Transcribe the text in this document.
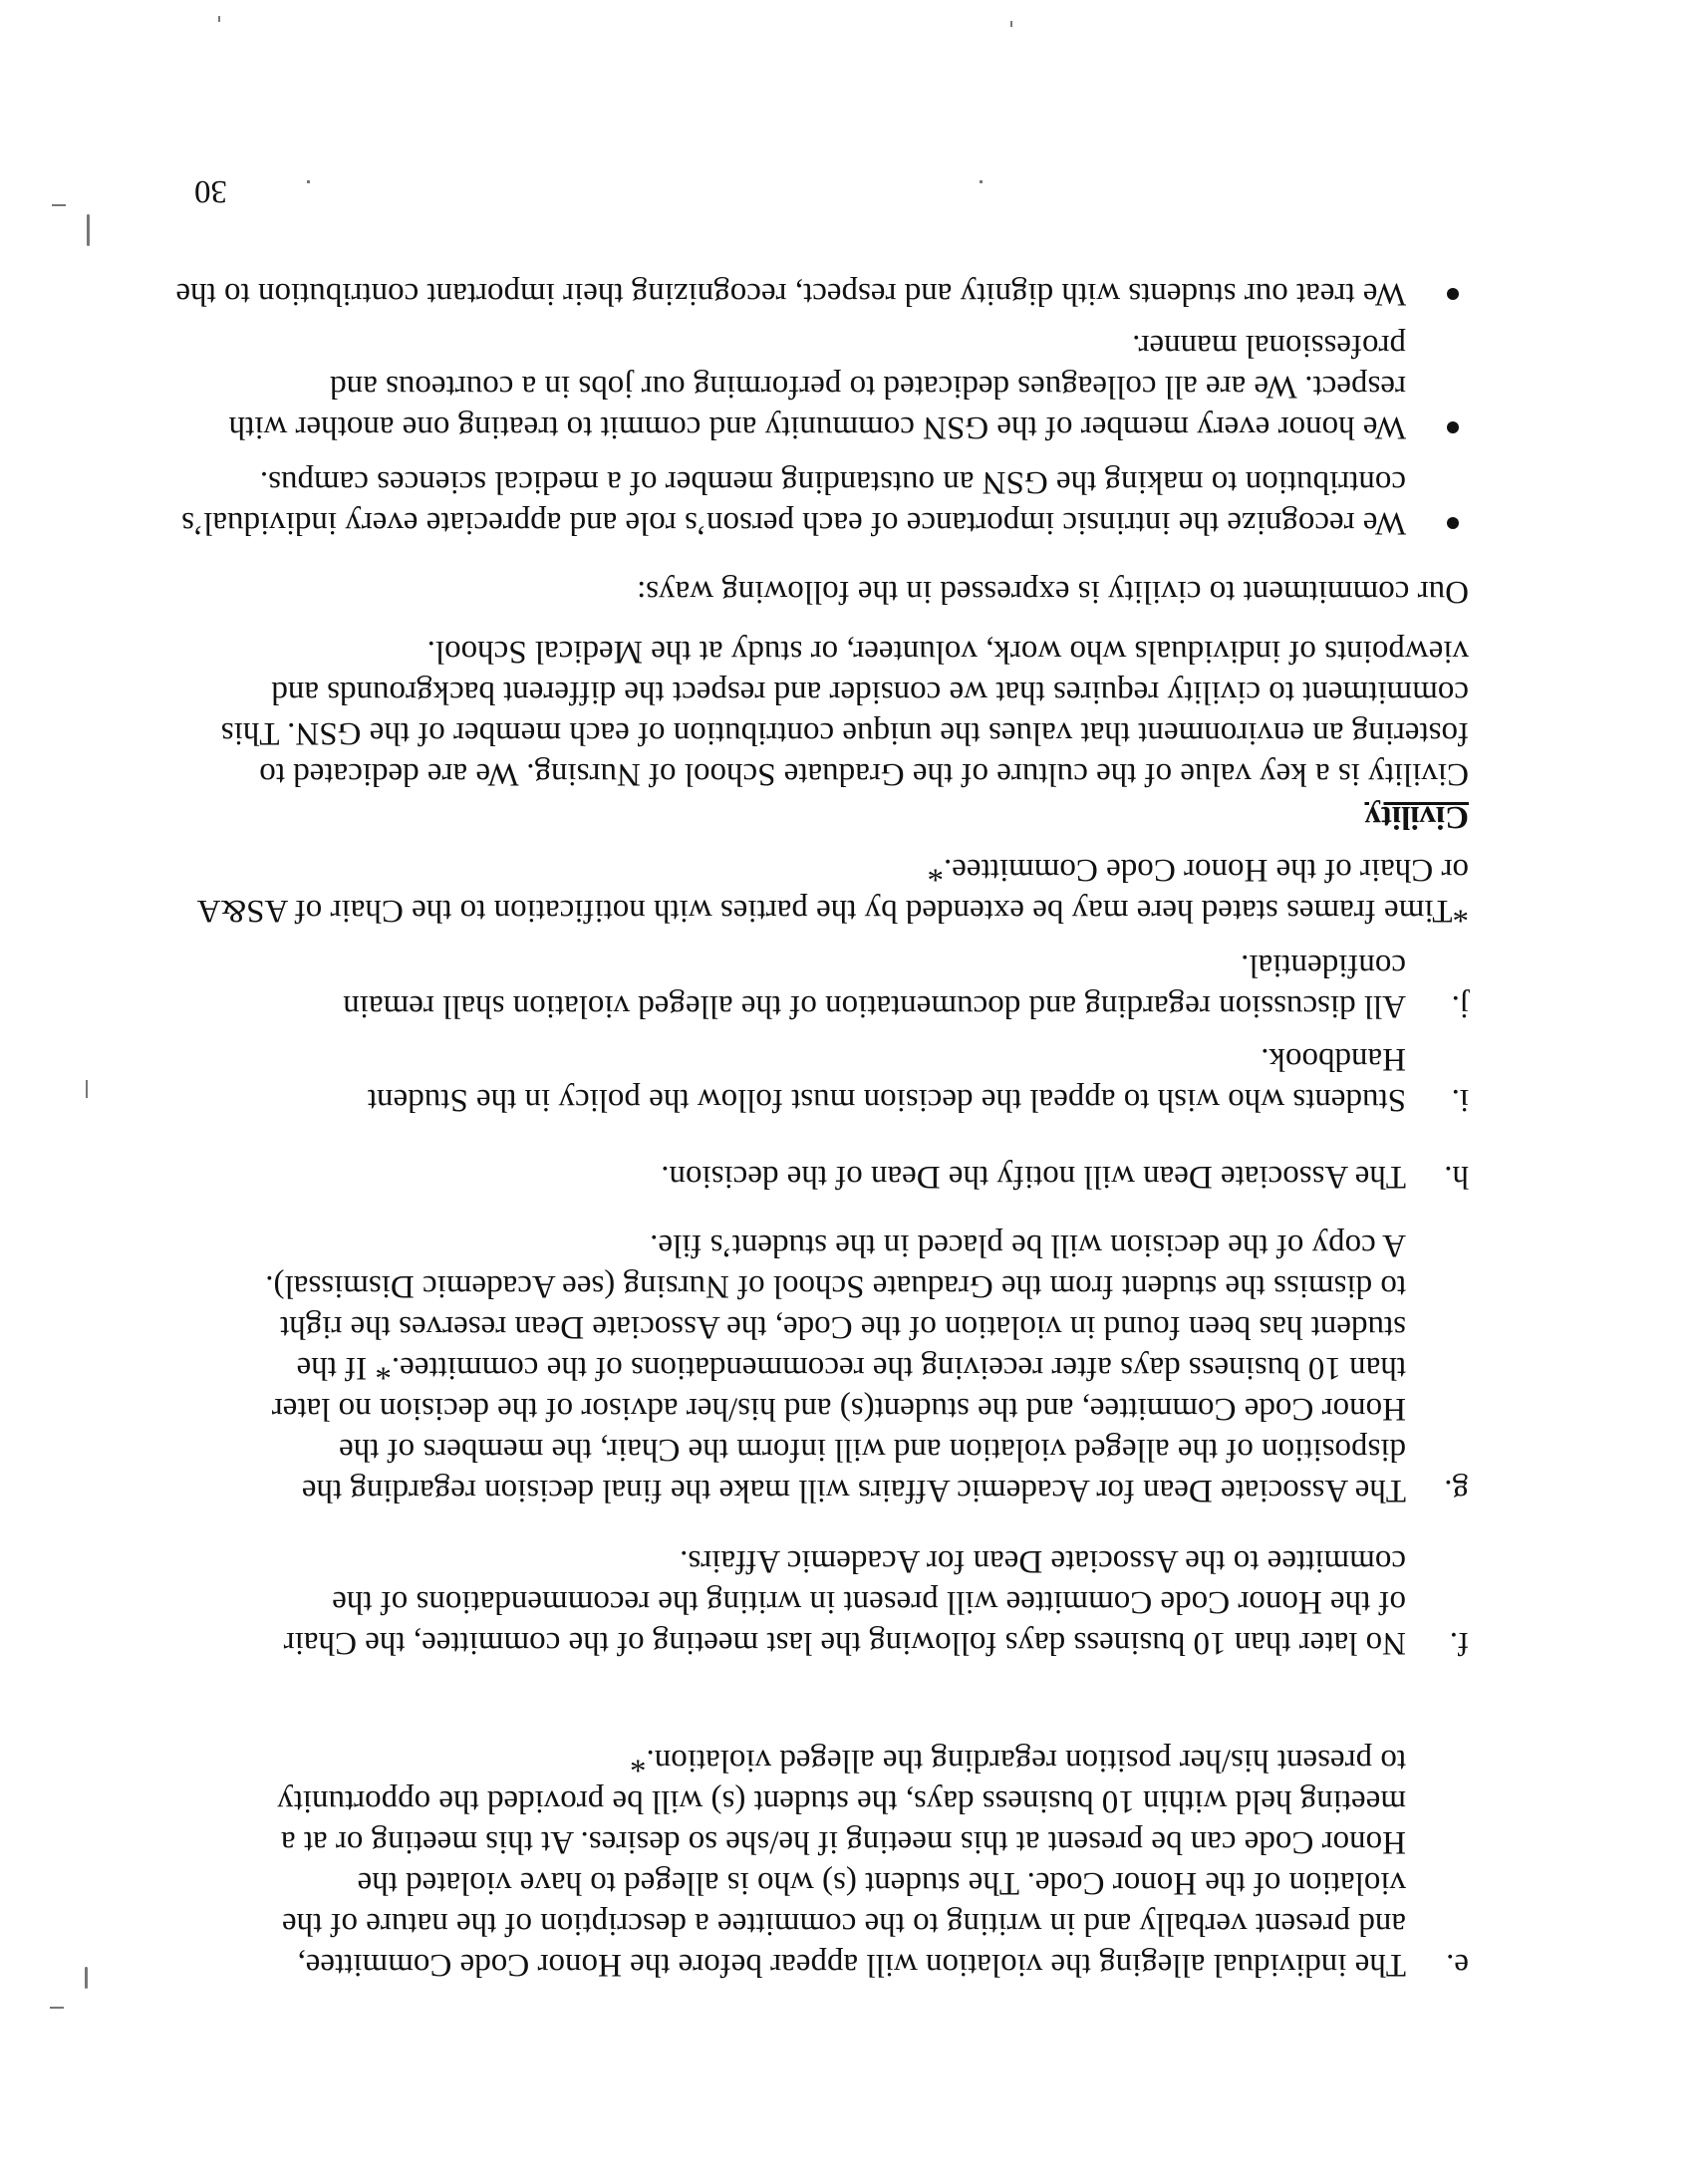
e.
The individual alleging the violation will appear before the Honor Code Committee,
and present verbally and in writing to the committee a description of the nature of the
violation of the Honor Code. The student (s) who is alleged to have violated the
Honor Code can be present at this meeting if he/she so desires. At this meeting or at a
meeting held within 10 business days, the student (s) will be provided the opportunity
to present his/her position regarding the alleged violation.*
f.
No later than 10 business days following the last meeting of the committee, the Chair
of the Honor Code Committee will present in writing the recommendations of the
committee to the Associate Dean for Academic Affairs.
g.
The Associate Dean for Academic Affairs will make the final decision regarding the
disposition of the alleged violation and will inform the Chair, the members of the
Honor Code Committee, and the student(s) and his/her advisor of the decision no later
than 10 business days after receiving the recommendations of the committee.* If the
student has been found in violation of the Code, the Associate Dean reserves the right
to dismiss the student from the Graduate School of Nursing (see Academic Dismissal).
A copy of the decision will be placed in the student’s file.
h.
The Associate Dean will notify the Dean of the decision.
i.
Students who wish to appeal the decision must follow the policy in the Student
Handbook.
j.
All discussion regarding and documentation of the alleged violation shall remain
confidential.

*Time frames stated here may be extended by the parties with notification to the Chair of AS&A
or Chair of the Honor Code Committee.*

Civility

Civility is a key value of the culture of the Graduate School of Nursing. We are dedicated to
fostering an environment that values the unique contribution of each member of the GSN. This
commitment to civility requires that we consider and respect the different backgrounds and
viewpoints of individuals who work, volunteer, or study at the Medical School.

Our commitment to civility is expressed in the following ways:

We recognize the intrinsic importance of each person’s role and appreciate every individual’s
contribution to making the GSN an outstanding member of a medical sciences campus.
We honor every member of the GSN community and commit to treating one another with
respect. We are all colleagues dedicated to performing our jobs in a courteous and
professional manner.
We treat our students with dignity and respect, recognizing their important contribution to the
30
